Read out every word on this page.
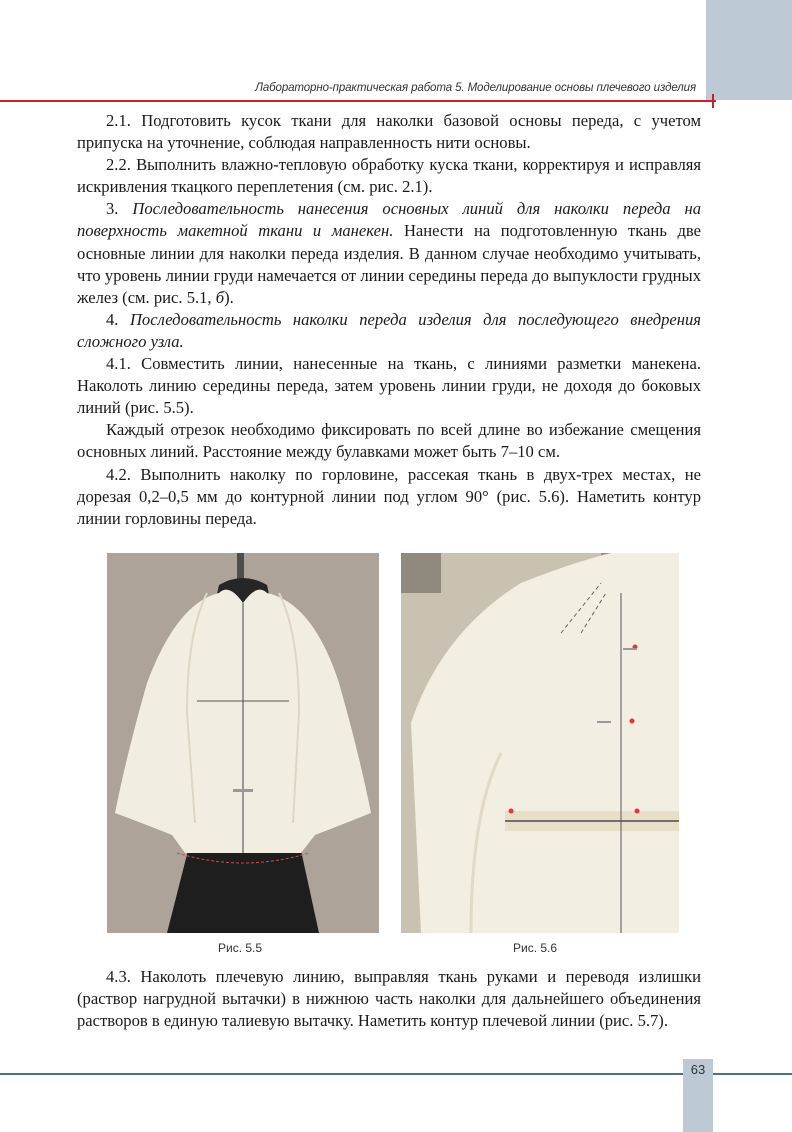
Лабораторно-практическая работа 5. Моделирование основы плечевого изделия

2.1. Подготовить кусок ткани для наколки базовой основы переда, с учетом припуска на уточнение, соблюдая направленность нити основы.

2.2. Выполнить влажно-тепловую обработку куска ткани, корректируя и исправляя искривления ткацкого переплетения (см. рис. 2.1).

3. Последовательность нанесения основных линий для наколки переда на поверхность макетной ткани и манекен. Нанести на подготовленную ткань две основные линии для наколки переда изделия. В данном случае необходимо учитывать, что уровень линии груди намечается от линии середины переда до выпуклости грудных желез (см. рис. 5.1, б).

4. Последовательность наколки переда изделия для последующего внедрения сложного узла.

4.1. Совместить линии, нанесенные на ткань, с линиями разметки манекена. Наколоть линию середины переда, затем уровень линии груди, не доходя до боковых линий (рис. 5.5).

Каждый отрезок необходимо фиксировать по всей длине во избежание смещения основных линий. Расстояние между булавками может быть 7–10 см.

4.2. Выполнить наколку по горловине, рассекая ткань в двух-трех местах, не дорезая 0,2–0,5 мм до контурной линии под углом 90° (рис. 5.6). Наметить контур линии горловины переда.

Рис. 5.5	Рис. 5.6

4.3. Наколоть плечевую линию, выправляя ткань руками и переводя излишки (раствор нагрудной вытачки) в нижнюю часть наколки для дальнейшего объединения растворов в единую талиевую вытачку. Наметить контур плечевой линии (рис. 5.7).

63
